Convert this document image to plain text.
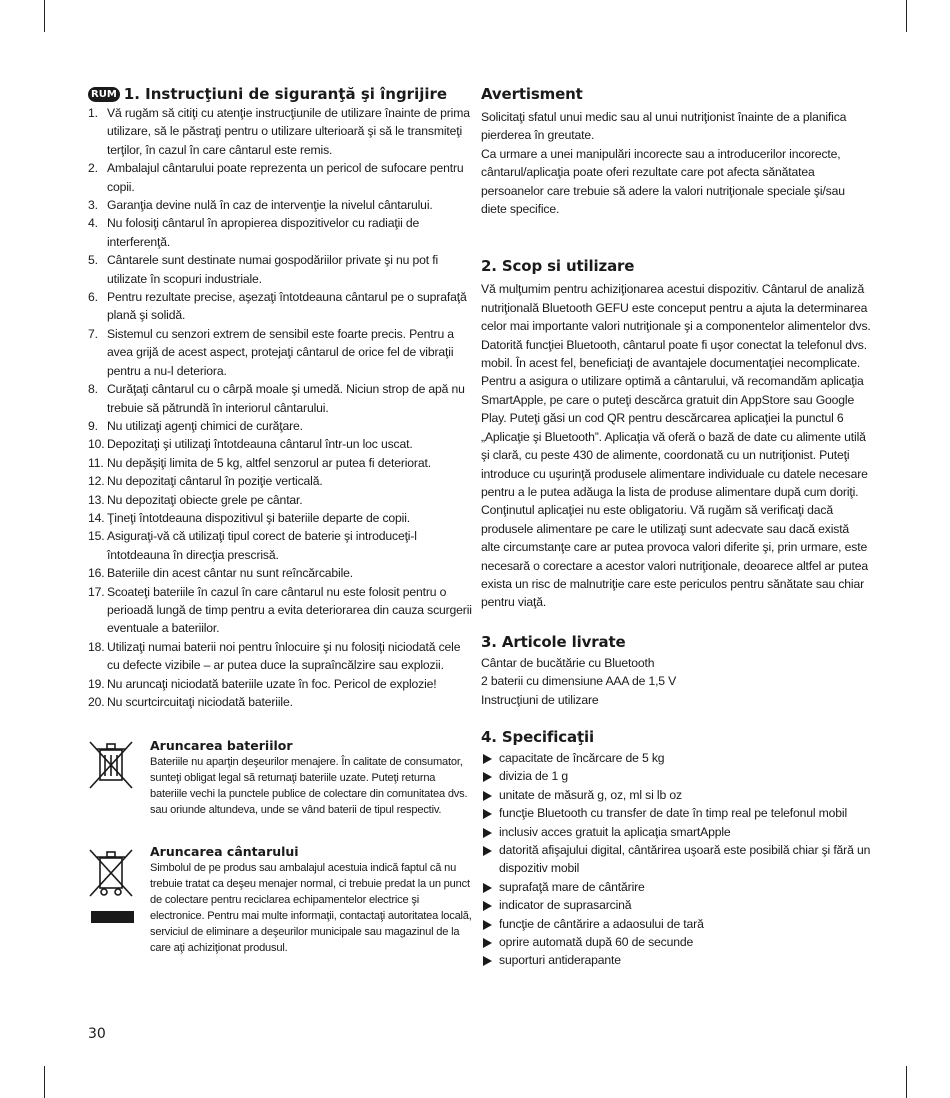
RUM 1. Instrucţiuni de siguranţă şi îngrijire
1. Vă rugăm să citiţi cu atenţie instrucţiunile de utilizare înainte de prima utilizare, să le păstraţi pentru o utilizare ulterioară şi să le transmiteţi terţilor, în cazul în care cântarul este remis.
2. Ambalajul cântarului poate reprezenta un pericol de sufocare pentru copii.
3. Garanţia devine nulă în caz de intervenţie la nivelul cântarului.
4. Nu folosiţi cântarul în apropierea dispozitivelor cu radiaţii de interferenţă.
5. Cântarele sunt destinate numai gospodăriilor private şi nu pot fi utilizate în scopuri industriale.
6. Pentru rezultate precise, aşezaţi întotdeauna cântarul pe o suprafaţă plană şi solidă.
7. Sistemul cu senzori extrem de sensibil este foarte precis. Pentru a avea grijă de acest aspect, protejaţi cântarul de orice fel de vibraţii pentru a nu-l deteriora.
8. Curăţaţi cântarul cu o cârpă moale şi umedă. Niciun strop de apă nu trebuie să pătrundă în interiorul cântarului.
9. Nu utilizaţi agenţi chimici de curăţare.
10. Depozitaţi şi utilizaţi întotdeauna cântarul într-un loc uscat.
11. Nu depăşiţi limita de 5 kg, altfel senzorul ar putea fi deteriorat.
12. Nu depozitaţi cântarul în poziţie verticală.
13. Nu depozitaţi obiecte grele pe cântar.
14. Ţineţi întotdeauna dispozitivul şi bateriile departe de copii.
15. Asiguraţi-vă că utilizaţi tipul corect de baterie şi introduceţi-l întotdeauna în direcţia prescrisă.
16. Bateriile din acest cântar nu sunt reîncărcabile.
17. Scoateţi bateriile în cazul în care cântarul nu este folosit pentru o perioadă lungă de timp pentru a evita deteriorarea din cauza scurgerii eventuale a bateriilor.
18. Utilizaţi numai baterii noi pentru înlocuire şi nu folosiţi niciodată cele cu defecte vizibile – ar putea duce la supraîncălzire sau explozii.
19. Nu aruncaţi niciodată bateriile uzate în foc. Pericol de explozie!
20. Nu scurtcircuitaţi niciodată bateriile.
Aruncarea bateriilor

Bateriile nu aparţin deşeurilor menajere. În calitate de consumator, sunteţi obligat legal să returnaţi bateriile uzate. Puteţi returna bateriile vechi la punctele publice de colectare din comunitatea dvs. sau oriunde altundeva, unde se vând baterii de tipul respectiv.

Aruncarea cântarului

Simbolul de pe produs sau ambalajul acestuia indică faptul că nu trebuie tratat ca deşeu menajer normal, ci trebuie predat la un punct de colectare pentru reciclarea echipamentelor electrice şi electronice. Pentru mai multe informaţii, contactaţi autoritatea locală, serviciul de eliminare a deşeurilor municipale sau magazinul de la care aţi achiziţionat produsul.

Avertisment

Solicitaţi sfatul unui medic sau al unui nutriţionist înainte de a planifica pierderea în greutate.

Ca urmare a unei manipulări incorecte sau a introducerilor incorecte, cântarul/aplicaţia poate oferi rezultate care pot afecta sănătatea persoanelor care trebuie să adere la valori nutriţionale speciale şi/sau diete specifice.

2. Scop si utilizare

Vă mulţumim pentru achiziţionarea acestui dispozitiv. Cântarul de analiză nutriţională Bluetooth GEFU este conceput pentru a ajuta la determinarea celor mai importante valori nutriţionale şi a componentelor alimentelor dvs. Datorită funcţiei Bluetooth, cântarul poate fi uşor conectat la telefonul dvs. mobil. În acest fel, beneficiaţi de avantajele documentaţiei necomplicate. Pentru a asigura o utilizare optimă a cântarului, vă recomandăm aplicaţia SmartApple, pe care o puteţi descărca gratuit din AppStore sau Google Play. Puteţi găsi un cod QR pentru descărcarea aplicaţiei la punctul 6 „Aplicaţie şi Bluetooth”. Aplicaţia vă oferă o bază de date cu alimente utilă şi clară, cu peste 430 de alimente, coordonată cu un nutriţionist. Puteţi introduce cu uşurinţă produsele alimentare individuale cu datele necesare pentru a le putea adăuga la lista de produse alimentare după cum doriţi. Conţinutul aplicaţiei nu este obligatoriu. Vă rugăm să verificaţi dacă produsele alimentare pe care le utilizaţi sunt adecvate sau dacă există alte circumstanţe care ar putea provoca valori diferite şi, prin urmare, este necesară o corectare a acestor valori nutriţionale, deoarece altfel ar putea exista un risc de malnutriţie care este periculos pentru sănătate sau chiar pentru viaţă.

3. Articole livrate

Cântar de bucătărie cu Bluetooth

2 baterii cu dimensiune AAA de 1,5 V

Instrucţiuni de utilizare

4. Specificaţii
capacitate de încărcare de 5 kg
divizia de 1 g
unitate de măsură g, oz, ml si lb oz
funcţie Bluetooth cu transfer de date în timp real pe telefonul mobil
inclusiv acces gratuit la aplicaţia smartApple
datorită afişajului digital, cântărirea uşoară este posibilă chiar şi fără un dispozitiv mobil
suprafaţă mare de cântărire
indicator de suprasarcină
funcţie de cântărire a adaosului de tară
oprire automată după 60 de secunde
suporturi antiderapante
30
